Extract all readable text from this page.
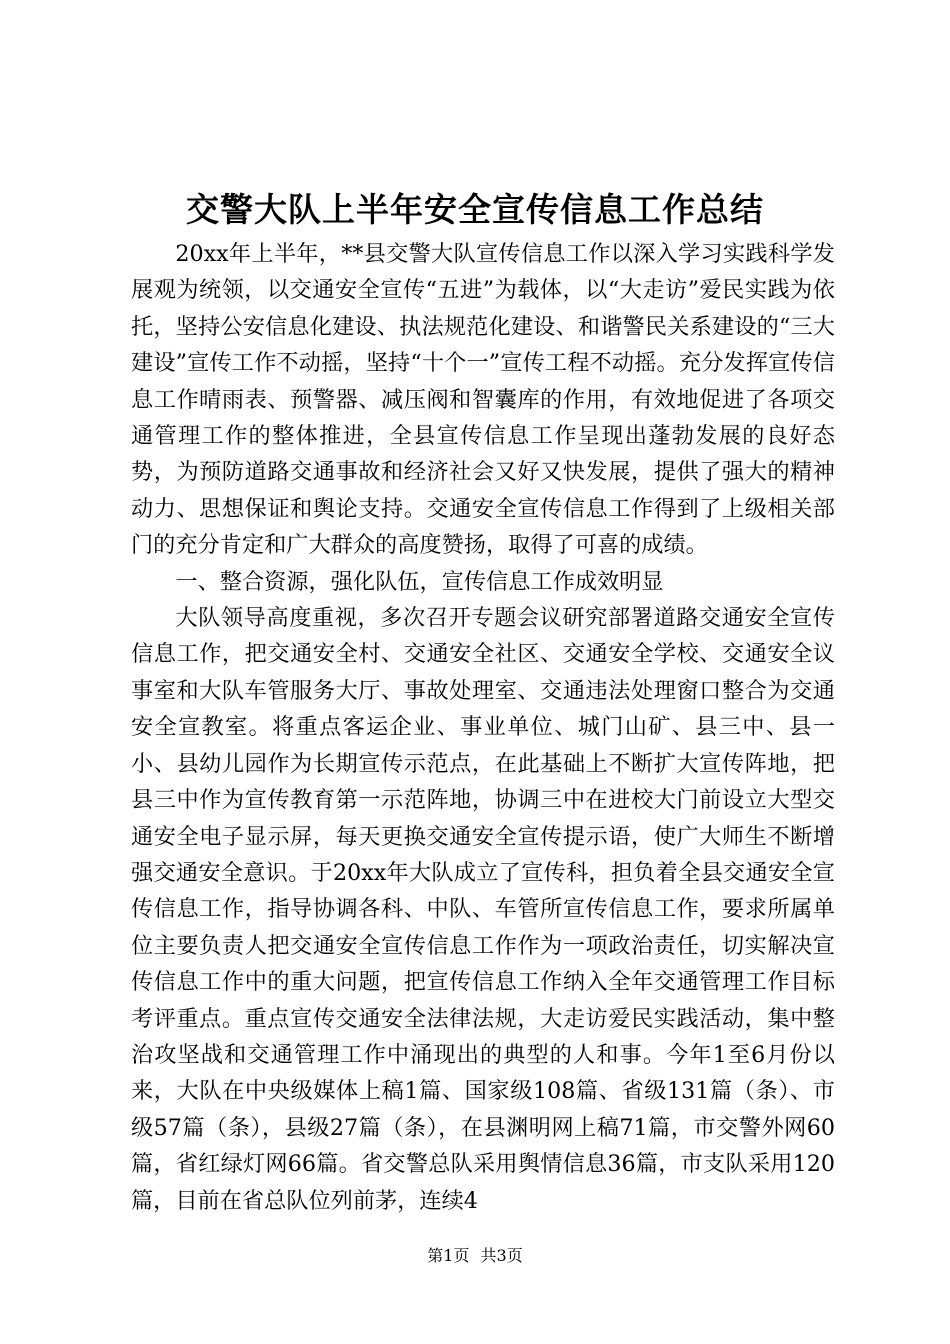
交警大队上半年安全宣传信息工作总结

20xx年上半年，**县交警大队宣传信息工作以深入学习实践科学发展观为统领，以交通安全宣传“五进”为载体，以“大走访”爱民实践为依托，坚持公安信息化建设、执法规范化建设、和谐警民关系建设的“三大建设”宣传工作不动摇，坚持“十个一”宣传工程不动摇。充分发挥宣传信息工作晴雨表、预警器、减压阀和智囊库的作用，有效地促进了各项交通管理工作的整体推进，全县宣传信息工作呈现出蓬勃发展的良好态势，为预防道路交通事故和经济社会又好又快发展，提供了强大的精神动力、思想保证和舆论支持。交通安全宣传信息工作得到了上级相关部门的充分肯定和广大群众的高度赞扬，取得了可喜的成绩。

一、整合资源，强化队伍，宣传信息工作成效明显

大队领导高度重视，多次召开专题会议研究部署道路交通安全宣传信息工作，把交通安全村、交通安全社区、交通安全学校、交通安全议事室和大队车管服务大厅、事故处理室、交通违法处理窗口整合为交通安全宣教室。将重点客运企业、事业单位、城门山矿、县三中、县一小、县幼儿园作为长期宣传示范点，在此基础上不断扩大宣传阵地，把县三中作为宣传教育第一示范阵地，协调三中在进校大门前设立大型交通安全电子显示屏，每天更换交通安全宣传提示语，使广大师生不断增强交通安全意识。于20xx年大队成立了宣传科，担负着全县交通安全宣传信息工作，指导协调各科、中队、车管所宣传信息工作，要求所属单位主要负责人把交通安全宣传信息工作作为一项政治责任，切实解决宣传信息工作中的重大问题，把宣传信息工作纳入全年交通管理工作目标考评重点。重点宣传交通安全法律法规，大走访爱民实践活动，集中整治攻坚战和交通管理工作中涌现出的典型的人和事。今年1至6月份以来，大队在中央级媒体上稿1篇、国家级108篇、省级131篇（条）、市级57篇（条），县级27篇（条），在县渊明网上稿71篇，市交警外网60篇，省红绿灯网66篇。省交警总队采用舆情信息36篇，市支队采用120篇，目前在省总队位列前茅，连续4

第1页 共3页
